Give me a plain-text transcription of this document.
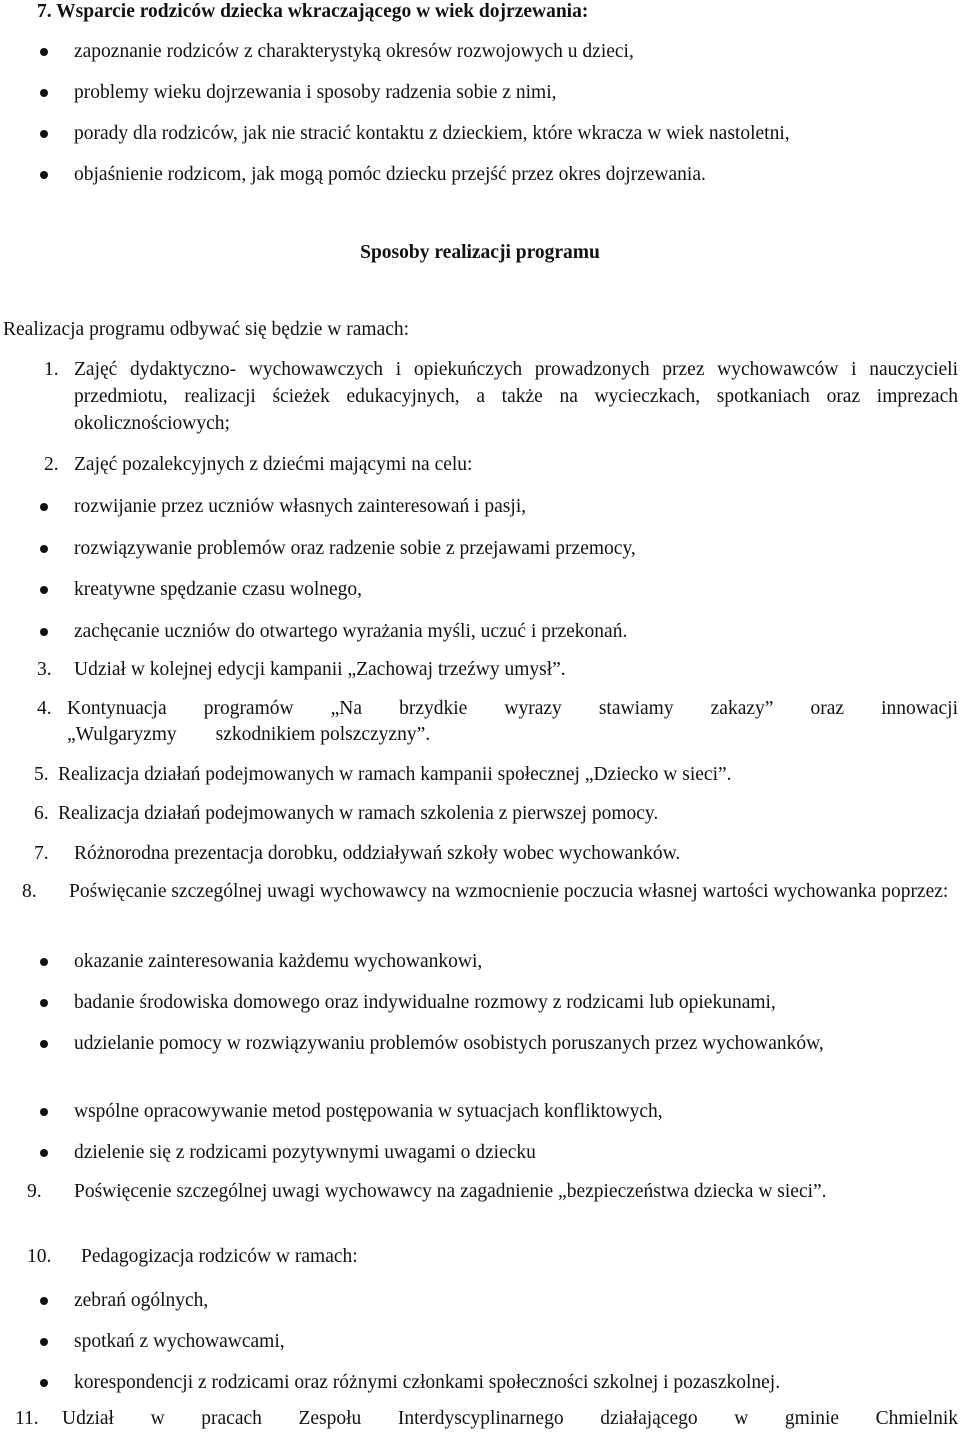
7. Wsparcie rodziców dziecka wkraczającego w wiek dojrzewania:
zapoznanie rodziców z charakterystyką okresów rozwojowych u dzieci,
problemy wieku dojrzewania i sposoby radzenia sobie z nimi,
porady dla rodziców, jak nie stracić kontaktu z dzieckiem, które wkracza w wiek nastoletni,
objaśnienie rodzicom, jak mogą pomóc dziecku przejść przez okres dojrzewania.
Sposoby realizacji programu
Realizacja programu odbywać się będzie w ramach:
1. Zajęć dydaktyczno- wychowawczych i opiekuńczych prowadzonych przez wychowawców i nauczycieli przedmiotu, realizacji ścieżek edukacyjnych, a także na wycieczkach, spotkaniach oraz imprezach okolicznościowych;
2. Zajęć pozalekcyjnych z dziećmi mającymi na celu:
rozwijanie przez uczniów własnych zainteresowań i pasji,
rozwiązywanie problemów oraz radzenie sobie z przejawami przemocy,
kreatywne spędzanie czasu wolnego,
zachęcanie uczniów do otwartego wyrażania myśli, uczuć i przekonań.
3. Udział w kolejnej edycji kampanii „Zachowaj trzeźwy umysł”.
4. Kontynuacja programów „Na brzydkie wyrazy stawiamy zakazy” oraz innowacji
„Wulgaryzmy        szkodnikiem polszczyzny”.
5. Realizacja działań podejmowanych w ramach kampanii społecznej „Dziecko w sieci”.
6. Realizacja działań podejmowanych w ramach szkolenia z pierwszej pomocy.
7. Różnorodna prezentacja dorobku, oddziaływań szkoły wobec wychowanków.
8. Poświęcanie szczególnej uwagi wychowawcy na wzmocnienie poczucia własnej wartości wychowanka poprzez:
okazanie zainteresowania każdemu wychowankowi,
badanie środowiska domowego oraz indywidualne rozmowy z rodzicami lub opiekunami,
udzielanie pomocy w rozwiązywaniu problemów osobistych poruszanych przez wychowanków,
wspólne opracowywanie metod postępowania w sytuacjach konfliktowych,
dzielenie się z rodzicami pozytywnymi uwagami o dziecku
9. Poświęcenie szczególnej uwagi wychowawcy na zagadnienie „bezpieczeństwa dziecka w sieci”.
10. Pedagogizacja rodziców w ramach:
zebrań ogólnych,
spotkań z wychowawcami,
korespondencji z rodzicami oraz różnymi członkami społeczności szkolnej i pozaszkolnej.
11. Udział w pracach Zespołu Interdyscyplinarnego działającego w gminie Chmielnik
